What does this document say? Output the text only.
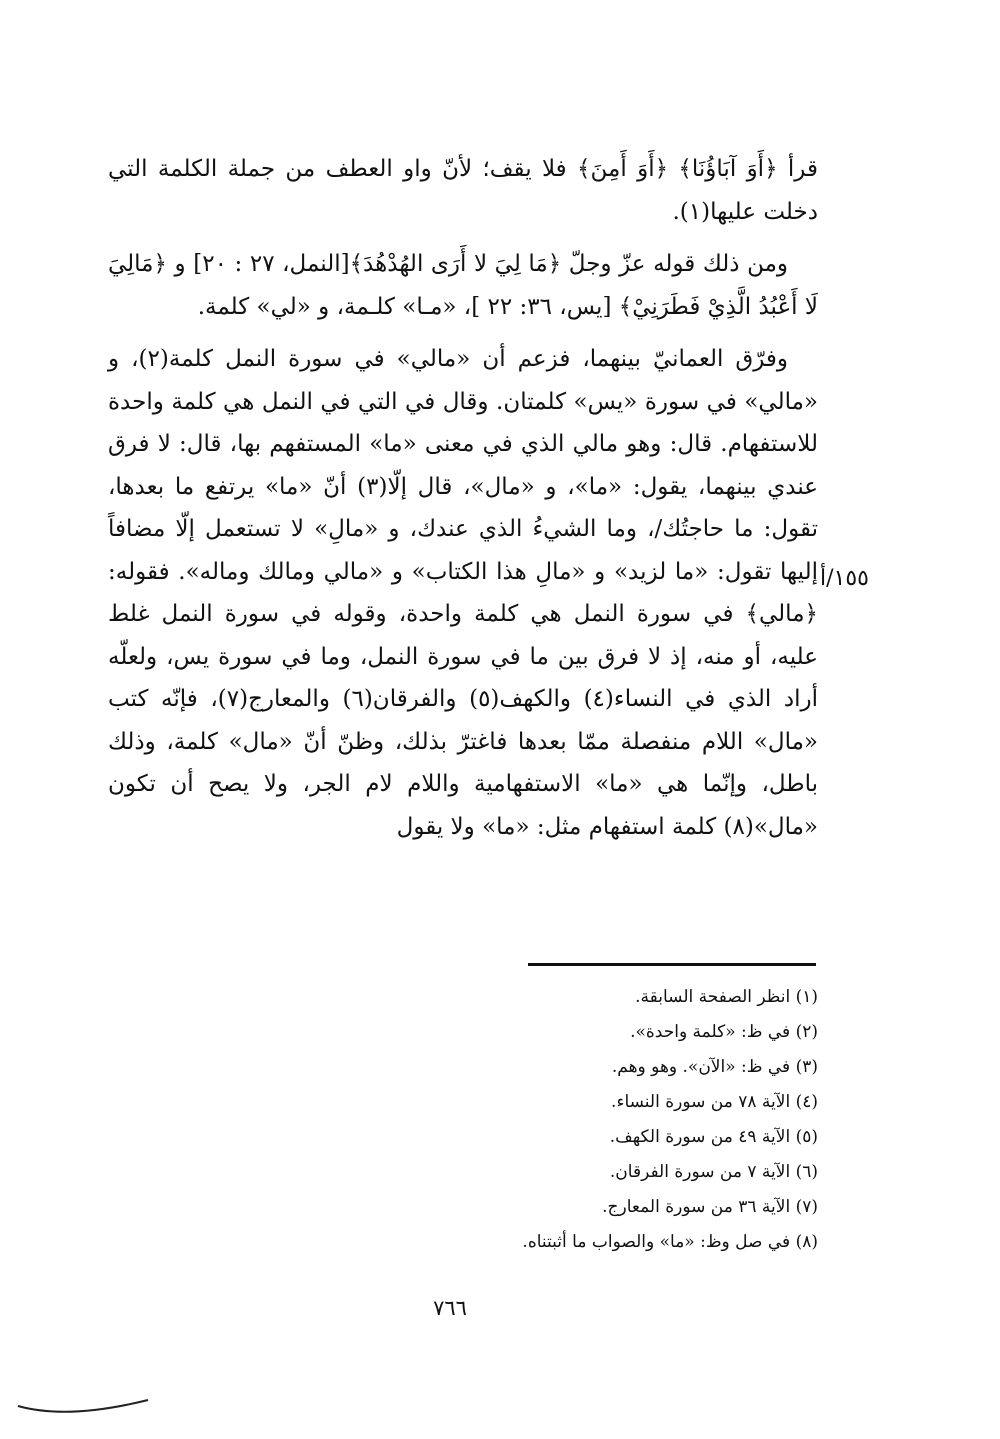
قرأ ﴿أَوَ آبَاؤُنَا﴾ ﴿أَوَ أَمِنَ﴾ فلا يقف؛ لأنّ واو العطف من جملة الكلمة التي دخلت عليها(١).

ومن ذلك قوله عزّ وجلّ ﴿مَا لِيَ لا أَرَى الهُدْهُدَ﴾[النمل، ٢٧ : ٢٠] و ﴿مَالِيَ لَا أَعْبُدُ الَّذِيْ فَطَرَنِيْ﴾ [يس، ٣٦: ٢٢ ]، «مـا» كلـمة، و «لي» كلمة.

وفرّق العمانيّ بينهما، فزعم أن «مالي» في سورة النمل كلمة(٢)، و «مالي» في سورة «يس» كلمتان. وقال في التي في النمل هي كلمة واحدة للاستفهام. قال: وهو مالي الذي في معنى «ما» المستفهم بها، قال: لا فرق عندي بينهما، يقول: «ما»، و «مال»، قال إلّا(٣) أنّ «ما» يرتفع ما بعدها، تقول: ما حاجتُك/، وما الشيءُ الذي عندك، و «مالِ» لا تستعمل إلّا مضافاً إليها تقول: «ما لزيد» و «مالِ هذا الكتاب» و «مالي ومالك وماله». فقوله: ﴿مالي﴾ في سورة النمل هي كلمة واحدة، وقوله في سورة النمل غلط عليه، أو منه، إذ لا فرق بين ما في سورة النمل، وما في سورة يس، ولعلّه أراد الذي في النساء(٤) والكهف(٥) والفرقان(٦) والمعارج(٧)، فإنّه كتب «مال» اللام منفصلة ممّا بعدها فاغترّ بذلك، وظنّ أنّ «مال» كلمة، وذلك باطل، وإنّما هي «ما» الاستفهامية واللام لام الجر، ولا يصح أن تكون «مال»(٨) كلمة استفهام مثل: «ما» ولا يقول

١٥٥/أ
(١) انظر الصفحة السابقة.
(٢) في ظ: «كلمة واحدة».
(٣) في ظ: «الآن». وهو وهم.
(٤) الآية ٧٨ من سورة النساء.
(٥) الآية ٤٩ من سورة الكهف.
(٦) الآية ٧ من سورة الفرقان.
(٧) الآية ٣٦ من سورة المعارج.
(٨) في صل وظ: «ما» والصواب ما أثبتناه.
٧٦٦
